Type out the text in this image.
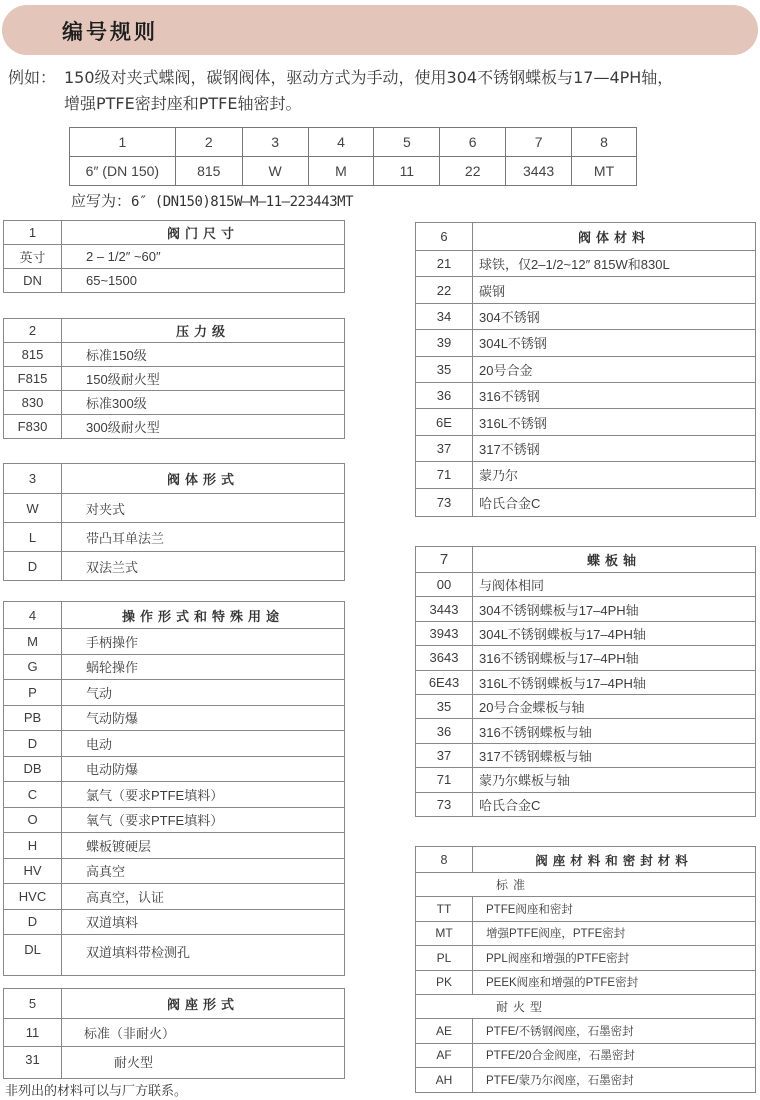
编号规则
例如： 150级对夹式蝶阀，碳钢阀体，驱动方式为手动，使用304不锈钢蝶板与17—4PH轴，
增强PTFE密封座和PTFE轴密封。
1	2	3	4	5	6	7	8
6″ (DN 150)	815	W	M	11	22	3443	MT
应写为：6″ (DN150)815W—M—11—223443MT
1	阀门尺寸
英寸	2 – 1/2″ ~60″
DN	65~1500
2	压力级
815	标准150级
F815	150级耐火型
830	标准300级
F830	300级耐火型
3	阀体形式
W	对夹式
L	带凸耳单法兰
D	双法兰式
4	操作形式和特殊用途
M	手柄操作
G	蜗轮操作
P	气动
PB	气动防爆
D	电动
DB	电动防爆
C	氯气（要求PTFE填料）
O	氧气（要求PTFE填料）
H	蝶板镀硬层
HV	高真空
HVC	高真空，认证
D	双道填料
DL	双道填料带检测孔
5	阀座形式
11	标准（非耐火）
31	耐火型
非列出的材料可以与厂方联系。
6	阀体材料
21	球铁，仅2–1/2~12″ 815W和830L
22	碳钢
34	304不锈钢
39	304L不锈钢
35	20号合金
36	316不锈钢
6E	316L不锈钢
37	317不锈钢
71	蒙乃尔
73	哈氏合金C
7	蝶板轴
00	与阀体相同
3443	304不锈钢蝶板与17–4PH轴
3943	304L不锈钢蝶板与17–4PH轴
3643	316不锈钢蝶板与17–4PH轴
6E43	316L不锈钢蝶板与17–4PH轴
35	20号合金蝶板与轴
36	316不锈钢蝶板与轴
37	317不锈钢蝶板与轴
71	蒙乃尔蝶板与轴
73	哈氏合金C
8	阀座材料和密封材料
标准	
TT	PTFE阀座和密封
MT	增强PTFE阀座，PTFE密封
PL	PPL阀座和增强的PTFE密封
PK	PEEK阀座和增强的PTFE密封
耐火型	
AE	PTFE/不锈钢阀座，石墨密封
AF	PTFE/20合金阀座，石墨密封
AH	PTFE/蒙乃尔阀座，石墨密封
